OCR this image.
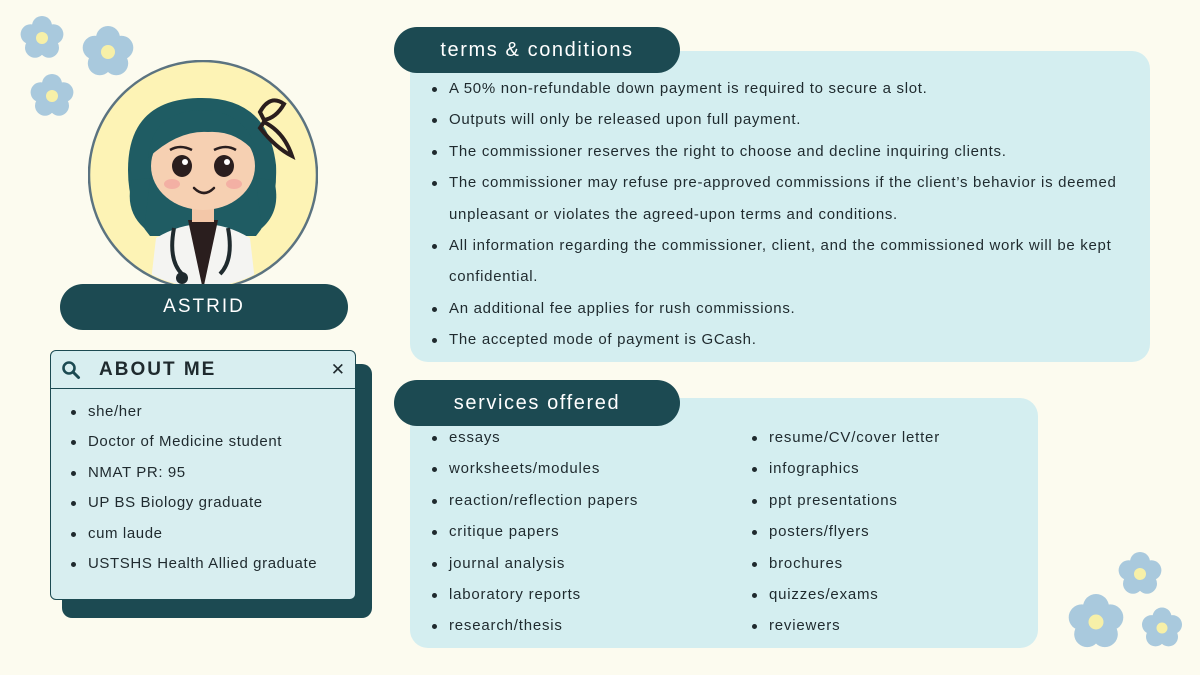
ASTRID
ABOUT ME	✕
she/her
Doctor of Medicine student
NMAT PR: 95
UP BS Biology graduate
cum laude
USTSHS Health Allied graduate
terms & conditions
A 50% non-refundable down payment is required to secure a slot.
Outputs will only be released upon full payment.
The commissioner reserves the right to choose and decline inquiring clients.
The commissioner may refuse pre-approved commissions if the client’s behavior is deemed unpleasant or violates the agreed-upon terms and conditions.
All information regarding the commissioner, client, and the commissioned work will be kept confidential.
An additional fee applies for rush commissions.
The accepted mode of payment is GCash.
services offered
essays
worksheets/modules
reaction/reflection papers
critique papers
journal analysis
laboratory reports
research/thesis
resume/CV/cover letter
infographics
ppt presentations
posters/flyers
brochures
quizzes/exams
reviewers
